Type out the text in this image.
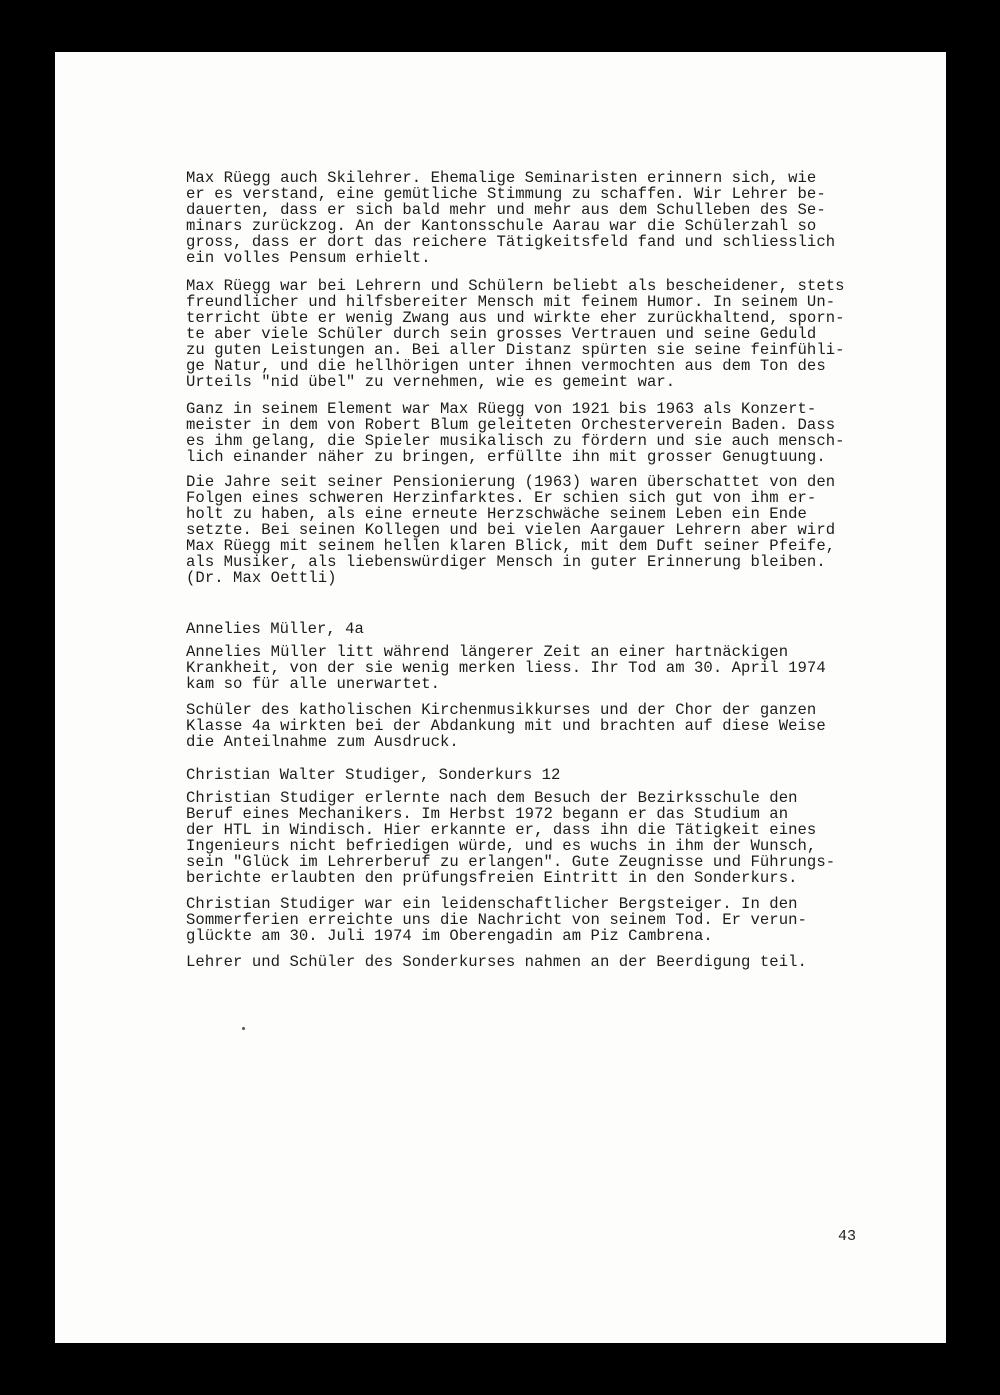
Max Rüegg auch Skilehrer. Ehemalige Seminaristen erinnern sich, wie
er es verstand, eine gemütliche Stimmung zu schaffen. Wir Lehrer be-
dauerten, dass er sich bald mehr und mehr aus dem Schulleben des Se-
minars zurückzog. An der Kantonsschule Aarau war die Schülerzahl so
gross, dass er dort das reichere Tätigkeitsfeld fand und schliesslich
ein volles Pensum erhielt.
Max Rüegg war bei Lehrern und Schülern beliebt als bescheidener, stets
freundlicher und hilfsbereiter Mensch mit feinem Humor. In seinem Un-
terricht übte er wenig Zwang aus und wirkte eher zurückhaltend, sporn-
te aber viele Schüler durch sein grosses Vertrauen und seine Geduld
zu guten Leistungen an. Bei aller Distanz spürten sie seine feinfühli-
ge Natur, und die hellhörigen unter ihnen vermochten aus dem Ton des
Urteils "nid übel" zu vernehmen, wie es gemeint war.
Ganz in seinem Element war Max Rüegg von 1921 bis 1963 als Konzert-
meister in dem von Robert Blum geleiteten Orchesterverein Baden. Dass
es ihm gelang, die Spieler musikalisch zu fördern und sie auch mensch-
lich einander näher zu bringen, erfüllte ihn mit grosser Genugtuung.
Die Jahre seit seiner Pensionierung (1963) waren überschattet von den
Folgen eines schweren Herzinfarktes. Er schien sich gut von ihm er-
holt zu haben, als eine erneute Herzschwäche seinem Leben ein Ende
setzte. Bei seinen Kollegen und bei vielen Aargauer Lehrern aber wird
Max Rüegg mit seinem hellen klaren Blick, mit dem Duft seiner Pfeife,
als Musiker, als liebenswürdiger Mensch in guter Erinnerung bleiben.
(Dr. Max Oettli)
Annelies Müller, 4a
Annelies Müller litt während längerer Zeit an einer hartnäckigen
Krankheit, von der sie wenig merken liess. Ihr Tod am 30. April 1974
kam so für alle unerwartet.
Schüler des katholischen Kirchenmusikkurses und der Chor der ganzen
Klasse 4a wirkten bei der Abdankung mit und brachten auf diese Weise
die Anteilnahme zum Ausdruck.
Christian Walter Studiger, Sonderkurs 12
Christian Studiger erlernte nach dem Besuch der Bezirksschule den
Beruf eines Mechanikers. Im Herbst 1972 begann er das Studium an
der HTL in Windisch. Hier erkannte er, dass ihn die Tätigkeit eines
Ingenieurs nicht befriedigen würde, und es wuchs in ihm der Wunsch,
sein "Glück im Lehrerberuf zu erlangen". Gute Zeugnisse und Führungs-
berichte erlaubten den prüfungsfreien Eintritt in den Sonderkurs.
Christian Studiger war ein leidenschaftlicher Bergsteiger. In den
Sommerferien erreichte uns die Nachricht von seinem Tod. Er verun-
glückte am 30. Juli 1974 im Oberengadin am Piz Cambrena.
Lehrer und Schüler des Sonderkurses nahmen an der Beerdigung teil.
43
